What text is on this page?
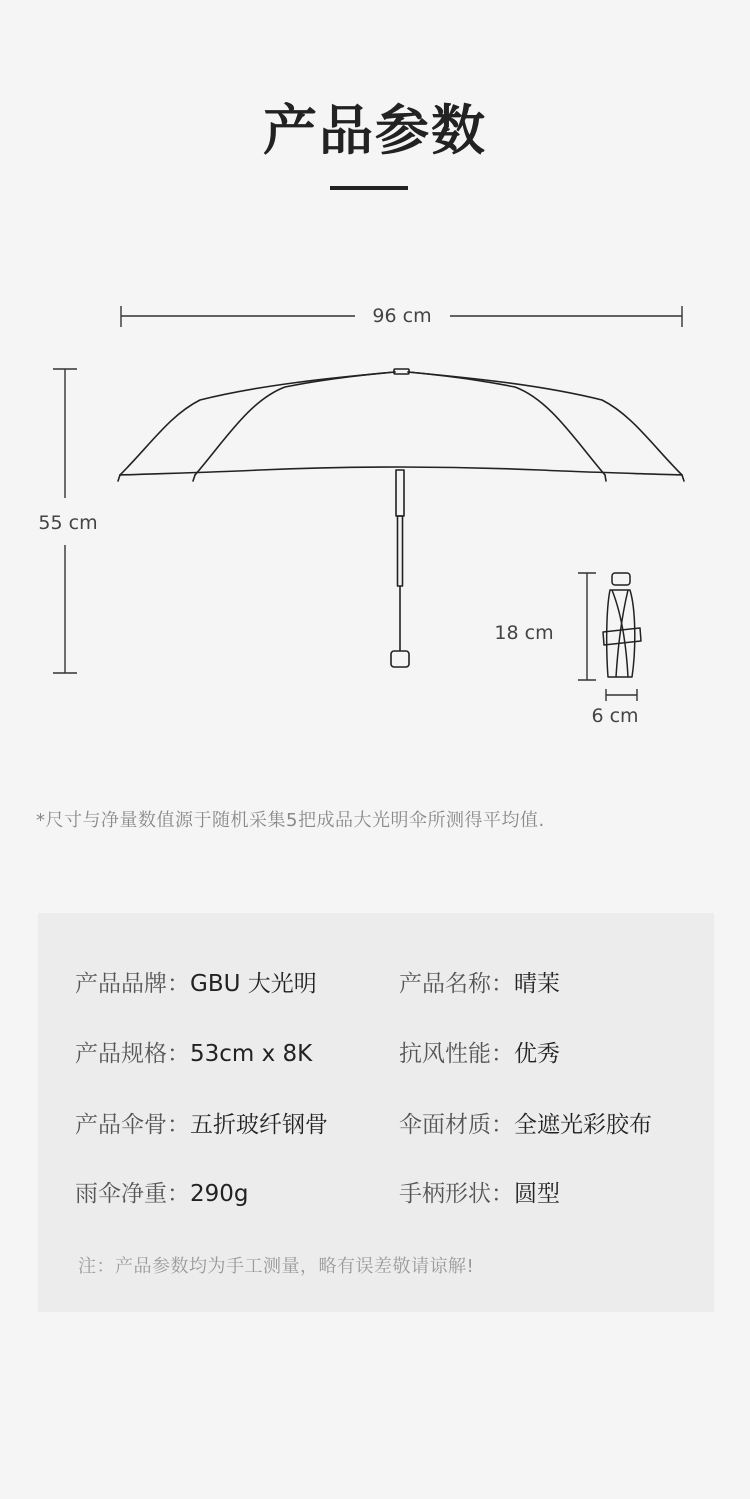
产品参数
96 cm
55 cm
18 cm
6 cm
*尺寸与净量数值源于随机采集5把成品大光明伞所测得平均值.
产品品牌：GBU 大光明	产品名称：晴茉
产品规格：53cm x 8K	抗风性能：优秀
产品伞骨：五折玻纤钢骨	伞面材质：全遮光彩胶布
雨伞净重：290g	手柄形状：圆型
注：产品参数均为手工测量，略有误差敬请谅解!
